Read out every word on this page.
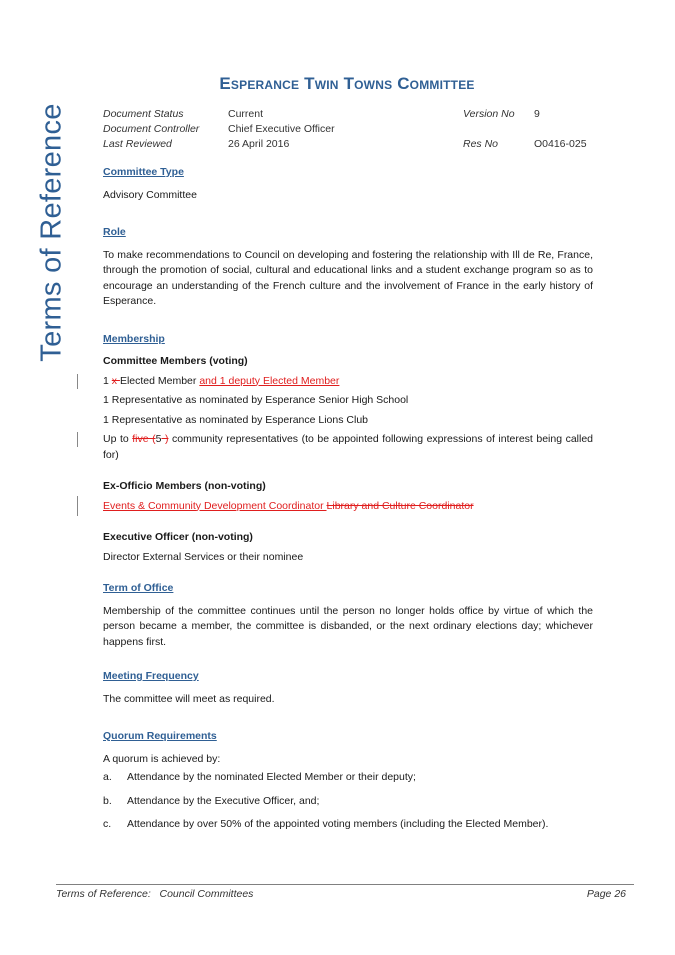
Terms of Reference
Esperance Twin Towns Committee
Document Status	Current	Version No	9
Document Controller	Chief Executive Officer
Last Reviewed	26 April 2016	Res No	O0416-025
Committee Type

Advisory Committee

Role

To make recommendations to Council on developing and fostering the relationship with Ill de Re, France, through the promotion of social, cultural and educational links and a student exchange program so as to encourage an understanding of the French culture and the involvement of France in the early history of Esperance.

Membership
Committee Members (voting)
1 x Elected Member and 1 deputy Elected Member
1 Representative as nominated by Esperance Senior High School
1 Representative as nominated by Esperance Lions Club
Up to five (5 ) community representatives (to be appointed following expressions of interest being called for)
Ex-Officio Members (non-voting)
Events & Community Development Coordinator Library and Culture Coordinator
Executive Officer (non-voting)
Director External Services or their nominee
Term of Office

Membership of the committee continues until the person no longer holds office by virtue of which the person became a member, the committee is disbanded, or the next ordinary elections day; whichever happens first.

Meeting Frequency

The committee will meet as required.

Quorum Requirements

A quorum is achieved by:

a.	Attendance by the nominated Elected Member or their deputy;
b.	Attendance by the Executive Officer, and;
c.	Attendance by over 50% of the appointed voting members (including the Elected Member).
Terms of Reference:   Council Committees	Page 26
